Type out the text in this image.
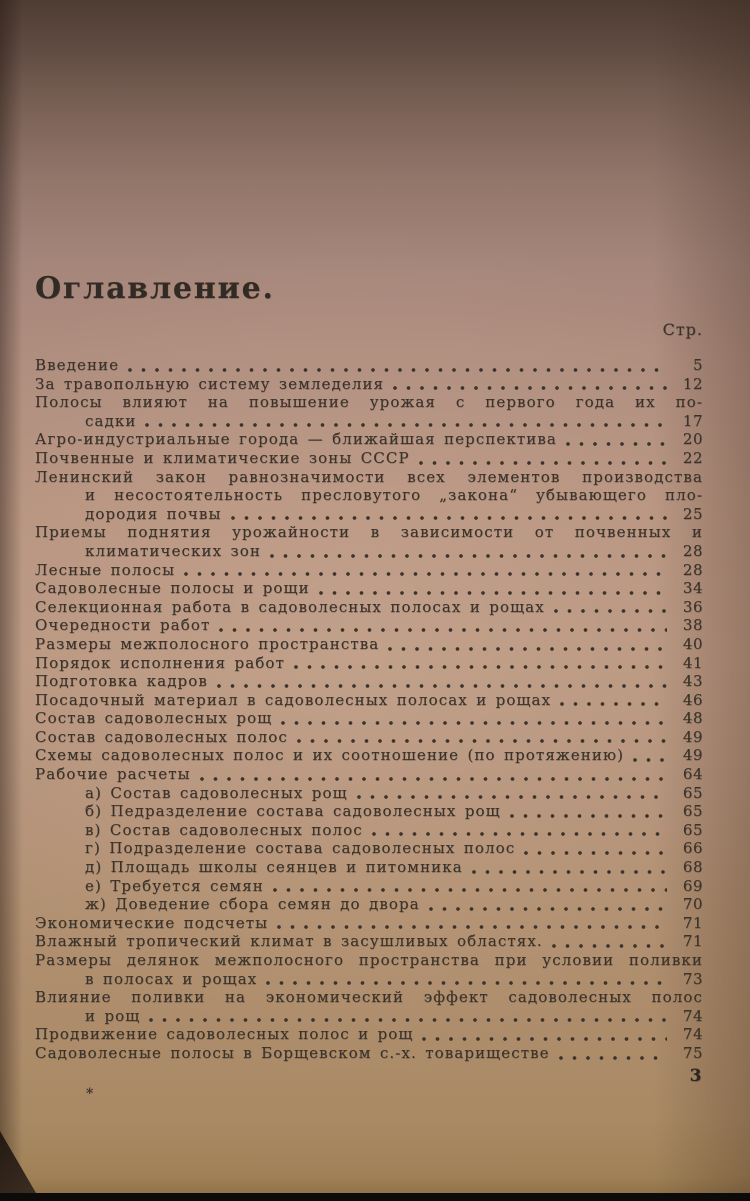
Оглавление.
Стр.
Введение	5
За травопольную систему земледелия	12
Полосы влияют на повышение урожая с первого года их по-
садки	17
Агро-индустриальные города — ближайшая перспектива	20
Почвенные и климатические зоны СССР	22
Ленинский закон равнозначимости всех элементов производства
и несостоятельность пресловутого „закона“ убывающего пло-
дородия почвы	25
Приемы поднятия урожайности в зависимости от почвенных и
климатических зон	28
Лесные полосы	28
Садоволесные полосы и рощи	34
Селекционная работа в садоволесных полосах и рощах	36
Очередности работ	38
Размеры межполосного пространства	40
Порядок исполнения работ	41
Подготовка кадров	43
Посадочный материал в садоволесных полосах и рощах	46
Состав садоволесных рощ	48
Состав садоволесных полос	49
Схемы садоволесных полос и их соотношение (по протяжению)	49
Рабочие расчеты	64
а) Состав садоволесных рощ	65
б) Педразделение состава садоволесных рощ	65
в) Состав садоволесных полос	65
г) Подразделение состава садоволесных полос	66
д) Площадь школы сеянцев и питомника	68
е) Требуется семян	69
ж) Доведение сбора семян до двора	70
Экономические подсчеты	71
Влажный тропический климат в засушливых областях.	71
Размеры делянок межполосного пространства при условии поливки
в полосах и рощах	73
Влияние поливки на экономический эффект садоволесных полос
и рощ	74
Продвижение садоволесных полос и рощ	74
Садоволесные полосы в Борщевском с.-х. товариществе	75
3
*
